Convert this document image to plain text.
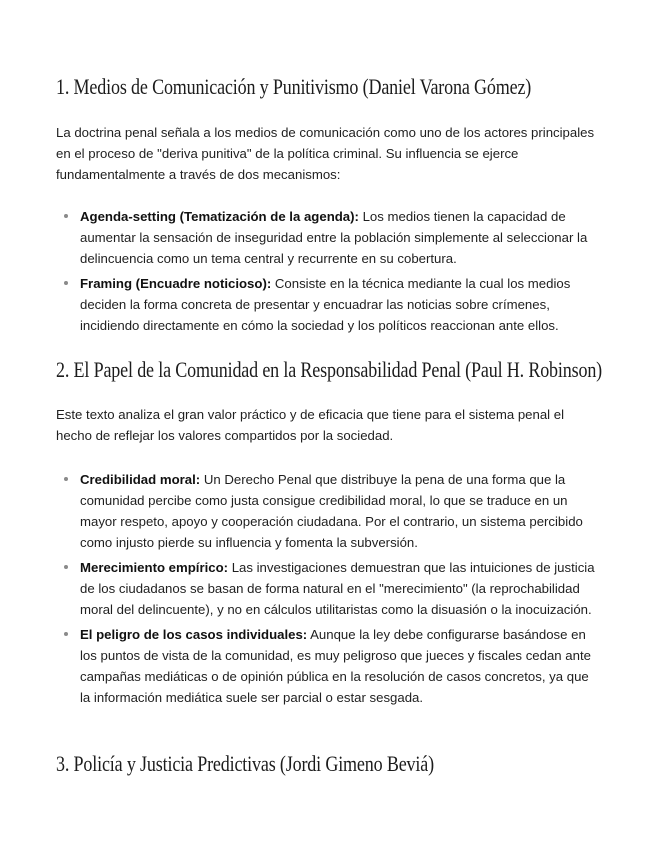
1. Medios de Comunicación y Punitivismo (Daniel Varona Gómez)

La doctrina penal señala a los medios de comunicación como uno de los actores principales en el proceso de "deriva punitiva" de la política criminal. Su influencia se ejerce fundamentalmente a través de dos mecanismos:

Agenda-setting (Tematización de la agenda): Los medios tienen la capacidad de aumentar la sensación de inseguridad entre la población simplemente al seleccionar la delincuencia como un tema central y recurrente en su cobertura.
Framing (Encuadre noticioso): Consiste en la técnica mediante la cual los medios deciden la forma concreta de presentar y encuadrar las noticias sobre crímenes, incidiendo directamente en cómo la sociedad y los políticos reaccionan ante ellos.
2. El Papel de la Comunidad en la Responsabilidad Penal (Paul H. Robinson)

Este texto analiza el gran valor práctico y de eficacia que tiene para el sistema penal el hecho de reflejar los valores compartidos por la sociedad.

Credibilidad moral: Un Derecho Penal que distribuye la pena de una forma que la comunidad percibe como justa consigue credibilidad moral, lo que se traduce en un mayor respeto, apoyo y cooperación ciudadana. Por el contrario, un sistema percibido como injusto pierde su influencia y fomenta la subversión.
Merecimiento empírico: Las investigaciones demuestran que las intuiciones de justicia de los ciudadanos se basan de forma natural en el "merecimiento" (la reprochabilidad moral del delincuente), y no en cálculos utilitaristas como la disuasión o la inocuización.
El peligro de los casos individuales: Aunque la ley debe configurarse basándose en los puntos de vista de la comunidad, es muy peligroso que jueces y fiscales cedan ante campañas mediáticas o de opinión pública en la resolución de casos concretos, ya que la información mediática suele ser parcial o estar sesgada.
3. Policía y Justicia Predictivas (Jordi Gimeno Beviá)
